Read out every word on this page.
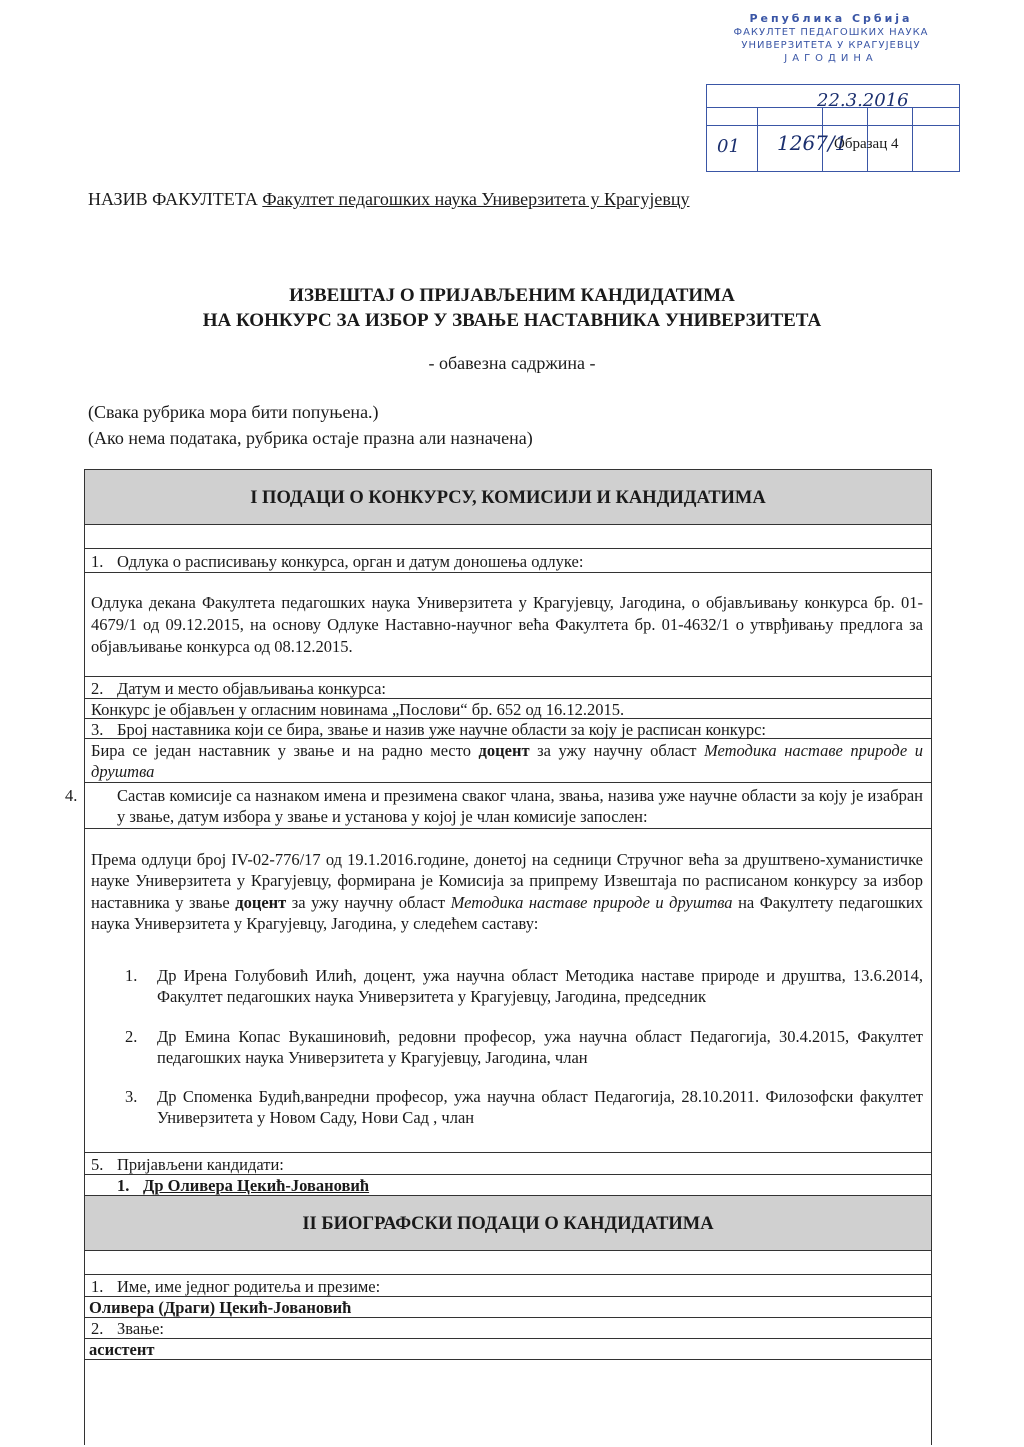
Република Србија
ФАКУЛТЕТ ПЕДАГОШКИХ НАУКА
УНИВЕРЗИТЕТА У КРАГУЈЕВЦУ
ЈАГОДИНА
22.3.2016
01 1267/1
Образац 4
НАЗИВ ФАКУЛТЕТА Факултет педагошких наука Универзитета у Крагујевцу
ИЗВЕШТАЈ О ПРИЈАВЉЕНИМ КАНДИДАТИМА
НА КОНКУРС ЗА ИЗБОР У ЗВАЊЕ НАСТАВНИКА УНИВЕРЗИТЕТА
- обавезна садржина -
(Свака рубрика мора бити попуњена.)
(Ако нема података, рубрика остаје празна али назначена)
I ПОДАЦИ О КОНКУРСУ, КОМИСИЈИ И КАНДИДАТИМА
1. Одлука о расписивању конкурса, орган и датум доношења одлуке:
Одлука декана Факултета педагошких наука Универзитета у Крагујевцу, Јагодина, о објављивању конкурса бр. 01-4679/1 од 09.12.2015, на основу Одлуке Наставно-научног већа Факултета бр. 01-4632/1 о утврђивању предлога за објављивање конкурса од 08.12.2015.
2. Датум и место објављивања конкурса:
Конкурс је објављен у огласним новинама „Послови“ бр. 652 од 16.12.2015.
3. Број наставника који се бира, звање и назив уже научне области за коју је расписан конкурс:
Бира се један наставник у звање и на радно место доцент за ужу научну област Методика наставе природе и друштва
4. Састав комисије са назнаком имена и презимена сваког члана, звања, назива уже научне области за коју је изабран у звање, датум избора у звање и установа у којој је члан комисије запослен:
Према одлуци број IV-02-776/17 од 19.1.2016.године, донетој на седници Стручног већа за друштвено-хуманистичке науке Универзитета у Крагујевцу, формирана је Комисија за припрему Извештаја по расписаном конкурсу за избор наставника у звање доцент за ужу научну област Методика наставе природе и друштва на Факултету педагошких наука Универзитета у Крагујевцу, Јагодина, у следећем саставу:
1. Др Ирена Голубовић Илић, доцент, ужа научна област Методика наставе природе и друштва, 13.6.2014, Факултет педагошких наука Универзитета у Крагујевцу, Јагодина, председник
2. Др Емина Копас Вукашиновић, редовни професор, ужа научна област Педагогија, 30.4.2015, Факултет педагошких наука Универзитета у Крагујевцу, Јагодина, члан
3. Др Споменка Будић,ванредни професор, ужа научна област Педагогија, 28.10.2011. Филозофски факултет Универзитета у Новом Саду, Нови Сад , члан
5. Пријављени кандидати:
1. Др Оливера Цекић-Јовановић
II БИОГРАФСКИ ПОДАЦИ О КАНДИДАТИМА
1. Име, име једног родитеља и презиме:
Оливера (Драги) Цекић-Јовановић
2. Звање:
асистент
